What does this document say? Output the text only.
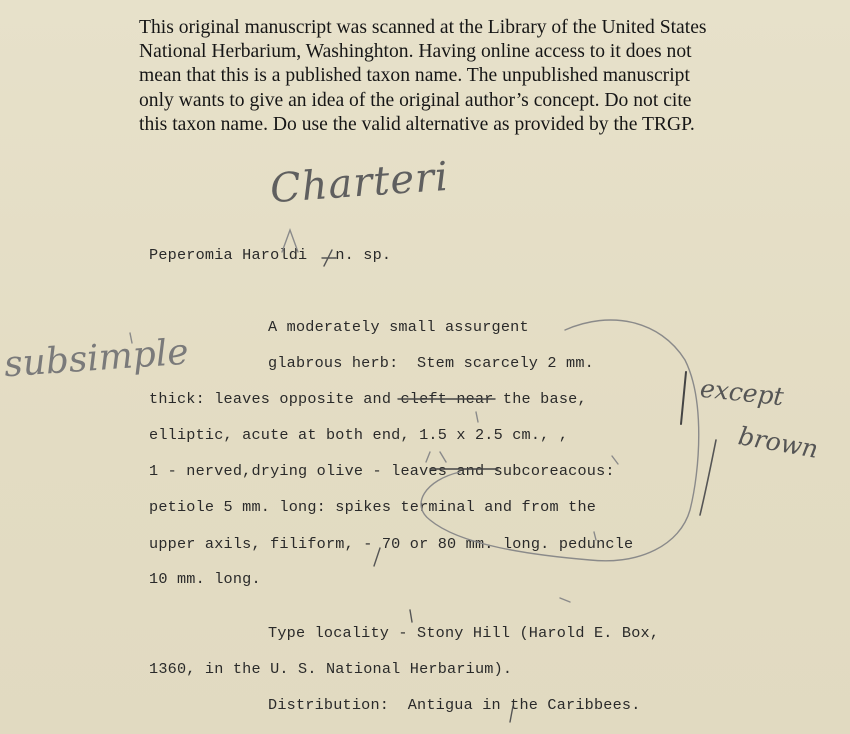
This original manuscript was scanned at the Library of the United States

National Herbarium, Washinghton. Having online access to it does not

mean that this is a published taxon name. The unpublished manuscript

only wants to give an idea of the original author’s concept. Do not cite

this taxon name. Do use the valid alternative as provided by the TRGP.

Charteri
subsimple
except
brown
Peperomia Haroldi n. sp.
A moderately small assurgent
glabrous herb:  Stem scarcely 2 mm.
thick: leaves opposite and cleft near the base,
elliptic, acute at both end, 1.5 x 2.5 cm., ,
1 - nerved,drying olive - leaves and subcoreacous:
petiole 5 mm. long: spikes terminal and from the
upper axils, filiform, - 70 or 80 mm. long. peduncle
10 mm. long.
Type locality - Stony Hill (Harold E. Box,
1360, in the U. S. National Herbarium).
Distribution:  Antigua in the Caribbees.
